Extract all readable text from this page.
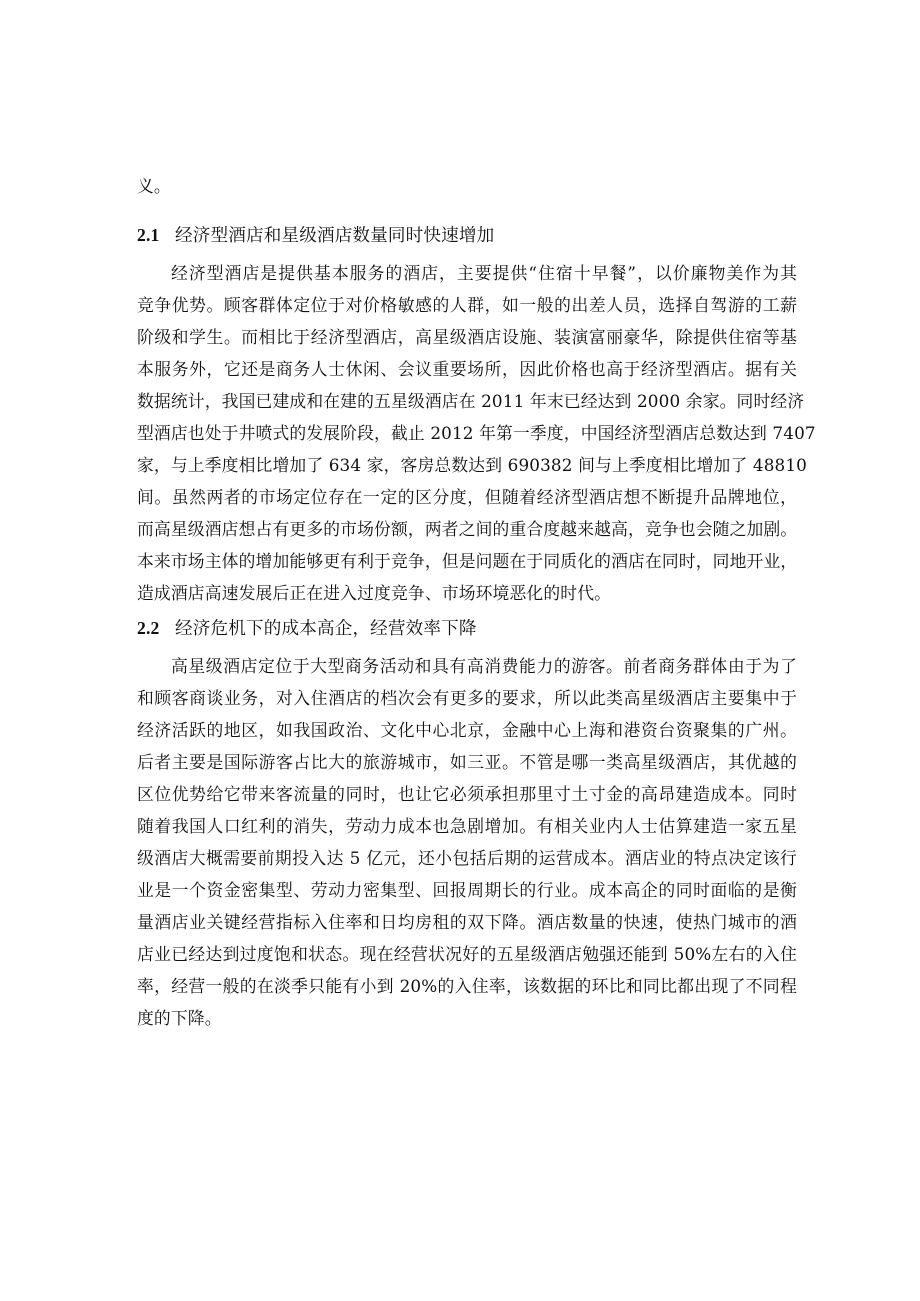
义。
2.1 经济型酒店和星级酒店数量同时快速增加
经济型酒店是提供基本服务的酒店，主要提供“住宿十早餐”，以价廉物美作为其
竞争优势。顾客群体定位于对价格敏感的人群，如一般的出差人员，选择自驾游的工薪
阶级和学生。而相比于经济型酒店，高星级酒店设施、装演富丽豪华，除提供住宿等基
本服务外，它还是商务人士休闲、会议重要场所，因此价格也高于经济型酒店。据有关
数据统计，我国已建成和在建的五星级酒店在 2011 年末已经达到 2000 余家。同时经济
型酒店也处于井喷式的发展阶段，截止 2012 年第一季度，中国经济型酒店总数达到 7407
家，与上季度相比增加了 634 家，客房总数达到 690382 间与上季度相比增加了 48810
间。虽然两者的市场定位存在一定的区分度，但随着经济型酒店想不断提升品牌地位，
而高星级酒店想占有更多的市场份额，两者之间的重合度越来越高，竞争也会随之加剧。
本来市场主体的增加能够更有利于竞争，但是问题在于同质化的酒店在同时，同地开业，
造成酒店高速发展后正在进入过度竞争、市场环境恶化的时代。
2.2 经济危机下的成本高企，经营效率下降
高星级酒店定位于大型商务活动和具有高消费能力的游客。前者商务群体由于为了
和顾客商谈业务，对入住酒店的档次会有更多的要求，所以此类高星级酒店主要集中于
经济活跃的地区，如我国政治、文化中心北京，金融中心上海和港资台资聚集的广州。
后者主要是国际游客占比大的旅游城市，如三亚。不管是哪一类高星级酒店，其优越的
区位优势给它带来客流量的同时，也让它必须承担那里寸土寸金的高昂建造成本。同时
随着我国人口红利的消失，劳动力成本也急剧增加。有相关业内人士估算建造一家五星
级酒店大概需要前期投入达 5 亿元，还小包括后期的运营成本。酒店业的特点决定该行
业是一个资金密集型、劳动力密集型、回报周期长的行业。成本高企的同时面临的是衡
量酒店业关键经营指标入住率和日均房租的双下降。酒店数量的快速，使热门城市的酒
店业已经达到过度饱和状态。现在经营状况好的五星级酒店勉强还能到 50%左右的入住
率，经营一般的在淡季只能有小到 20%的入住率，该数据的环比和同比都出现了不同程
度的下降。
